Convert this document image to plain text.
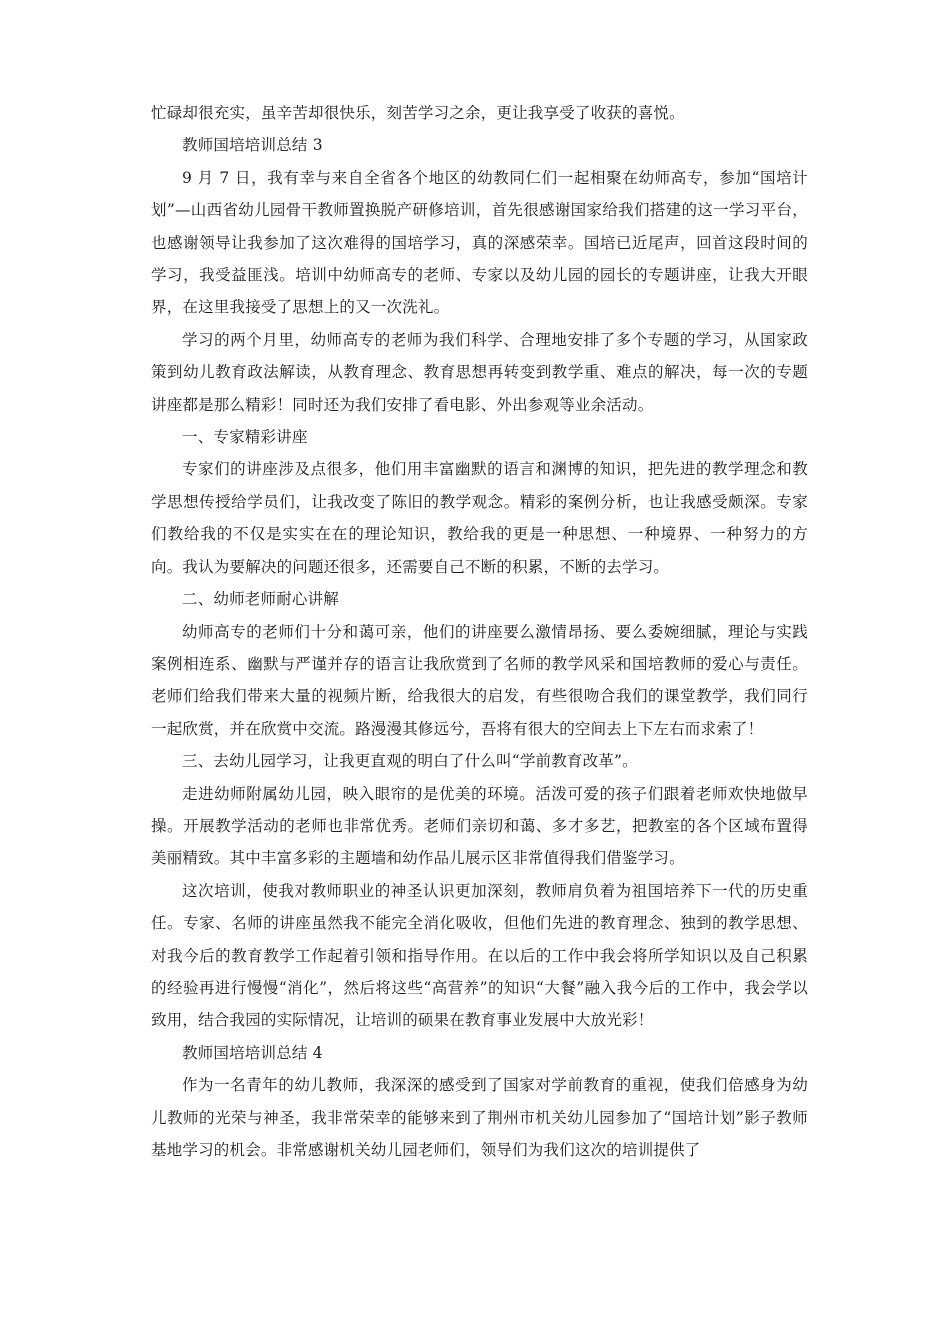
忙碌却很充实，虽辛苦却很快乐，刻苦学习之余，更让我享受了收获的喜悦。

教师国培培训总结 3

9 月 7 日，我有幸与来自全省各个地区的幼教同仁们一起相聚在幼师高专，参加“国培计划”—山西省幼儿园骨干教师置换脱产研修培训，首先很感谢国家给我们搭建的这一学习平台，也感谢领导让我参加了这次难得的国培学习，真的深感荣幸。国培已近尾声，回首这段时间的学习，我受益匪浅。培训中幼师高专的老师、专家以及幼儿园的园长的专题讲座，让我大开眼界，在这里我接受了思想上的又一次洗礼。

学习的两个月里，幼师高专的老师为我们科学、合理地安排了多个专题的学习，从国家政策到幼儿教育政法解读，从教育理念、教育思想再转变到教学重、难点的解决，每一次的专题讲座都是那么精彩！同时还为我们安排了看电影、外出参观等业余活动。

一、专家精彩讲座

专家们的讲座涉及点很多，他们用丰富幽默的语言和渊博的知识，把先进的教学理念和教学思想传授给学员们，让我改变了陈旧的教学观念。精彩的案例分析，也让我感受颇深。专家们教给我的不仅是实实在在的理论知识，教给我的更是一种思想、一种境界、一种努力的方向。我认为要解决的问题还很多，还需要自己不断的积累，不断的去学习。

二、幼师老师耐心讲解

幼师高专的老师们十分和蔼可亲，他们的讲座要么激情昂扬、要么委婉细腻，理论与实践案例相连系、幽默与严谨并存的语言让我欣赏到了名师的教学风采和国培教师的爱心与责任。老师们给我们带来大量的视频片断，给我很大的启发，有些很吻合我们的课堂教学，我们同行一起欣赏，并在欣赏中交流。路漫漫其修远兮，吾将有很大的空间去上下左右而求索了！

三、去幼儿园学习，让我更直观的明白了什么叫“学前教育改革”。

走进幼师附属幼儿园，映入眼帘的是优美的环境。活泼可爱的孩子们跟着老师欢快地做早操。开展教学活动的老师也非常优秀。老师们亲切和蔼、多才多艺，把教室的各个区域布置得美丽精致。其中丰富多彩的主题墙和幼作品儿展示区非常值得我们借鉴学习。

这次培训，使我对教师职业的神圣认识更加深刻，教师肩负着为祖国培养下一代的历史重任。专家、名师的讲座虽然我不能完全消化吸收，但他们先进的教育理念、独到的教学思想、对我今后的教育教学工作起着引领和指导作用。在以后的工作中我会将所学知识以及自己积累的经验再进行慢慢“消化”，然后将这些“高营养”的知识“大餐”融入我今后的工作中，我会学以致用，结合我园的实际情况，让培训的硕果在教育事业发展中大放光彩！

教师国培培训总结 4

作为一名青年的幼儿教师，我深深的感受到了国家对学前教育的重视，使我们倍感身为幼儿教师的光荣与神圣，我非常荣幸的能够来到了荆州市机关幼儿园参加了“国培计划”影子教师基地学习的机会。非常感谢机关幼儿园老师们，领导们为我们这次的培训提供了
